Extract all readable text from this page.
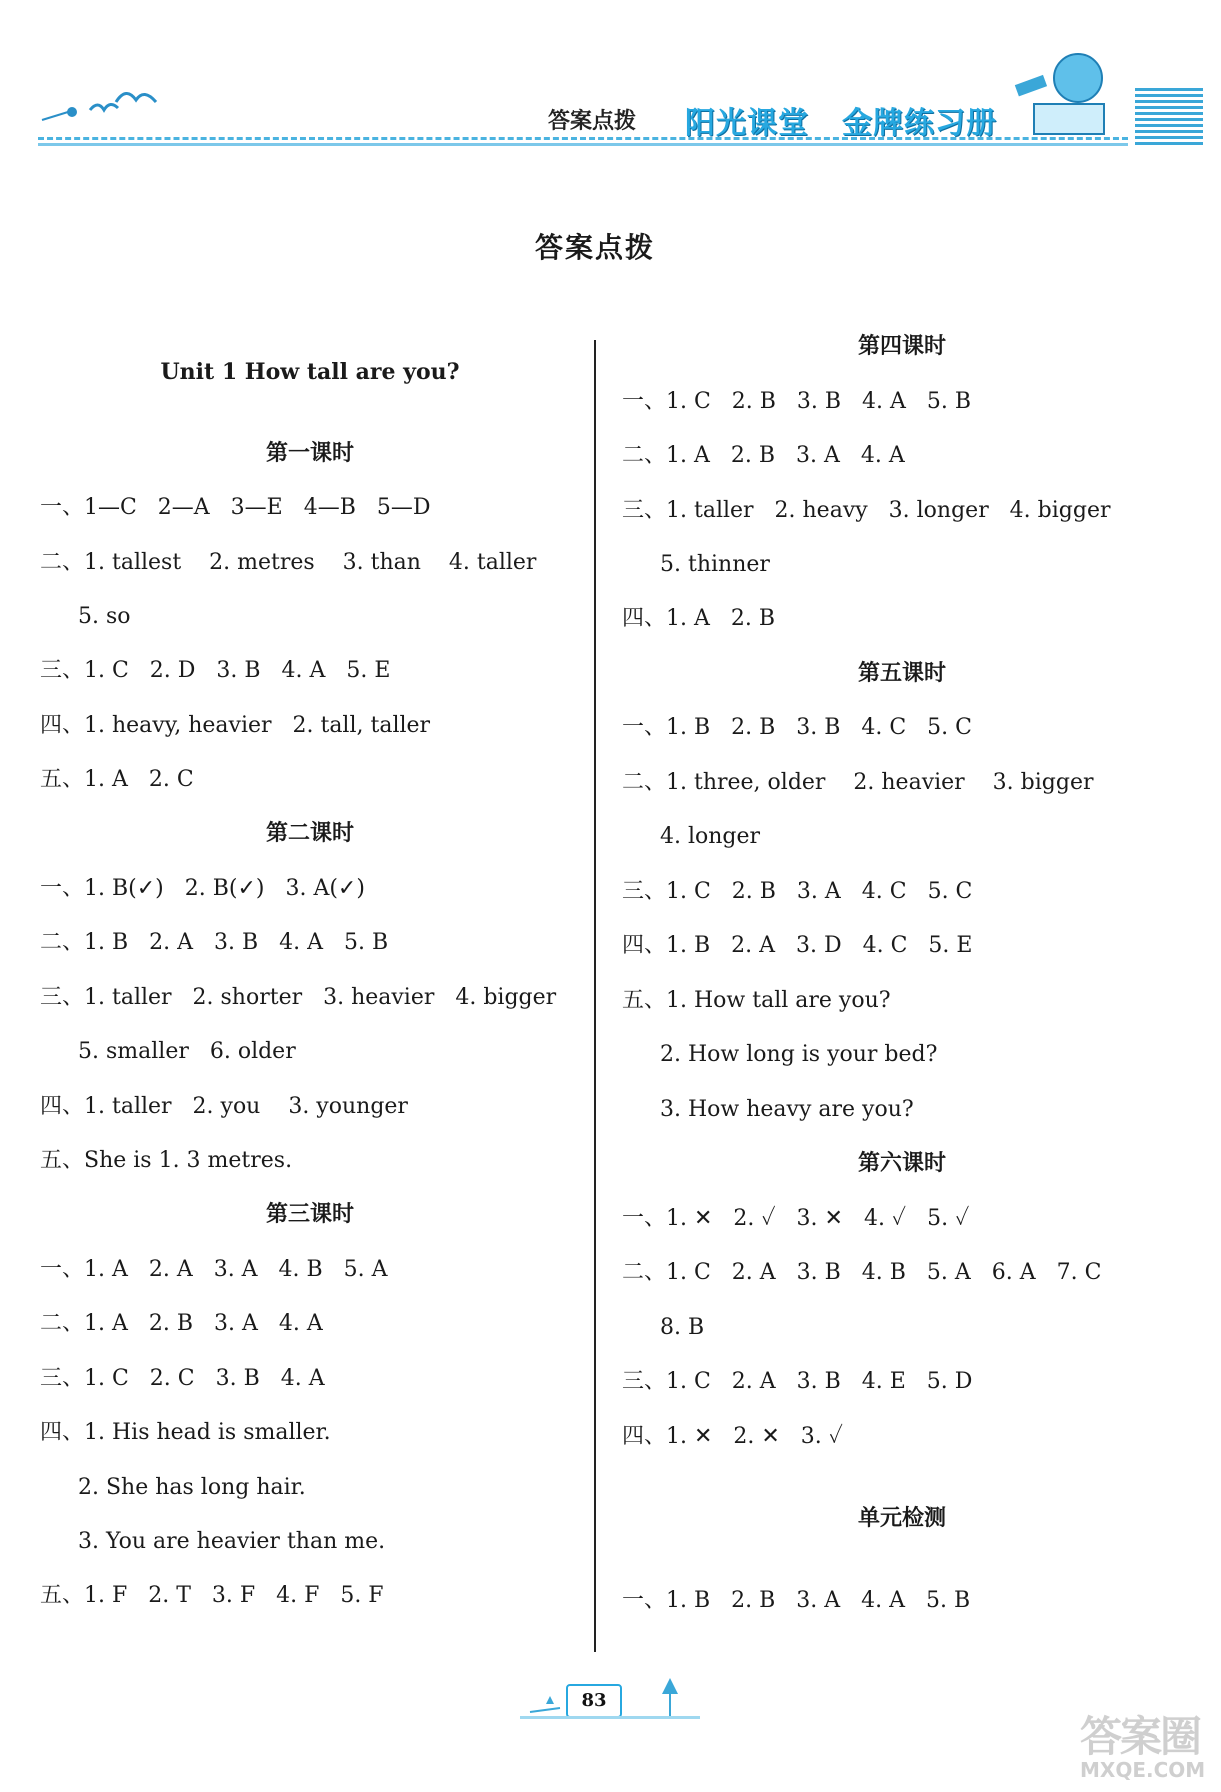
答案点拨 阳光课堂 金牌练习册
答案点拨
Unit 1 How tall are you?
第一课时
一、1—C   2—A   3—E   4—B   5—D
二、1. tallest    2. metres    3. than    4. taller
5. so
三、1. C   2. D   3. B   4. A   5. E
四、1. heavy, heavier   2. tall, taller
五、1. A   2. C
第二课时
一、1. B(✓)   2. B(✓)   3. A(✓)
二、1. B   2. A   3. B   4. A   5. B
三、1. taller   2. shorter   3. heavier   4. bigger
5. smaller   6. older
四、1. taller   2. you    3. younger
五、She is 1. 3 metres.
第三课时
一、1. A   2. A   3. A   4. B   5. A
二、1. A   2. B   3. A   4. A
三、1. C   2. C   3. B   4. A
四、1. His head is smaller.
2. She has long hair.
3. You are heavier than me.
五、1. F   2. T   3. F   4. F   5. F
第四课时
一、1. C   2. B   3. B   4. A   5. B
二、1. A   2. B   3. A   4. A
三、1. taller   2. heavy   3. longer   4. bigger
5. thinner
四、1. A   2. B
第五课时
一、1. B   2. B   3. B   4. C   5. C
二、1. three, older    2. heavier    3. bigger
4. longer
三、1. C   2. B   3. A   4. C   5. C
四、1. B   2. A   3. D   4. C   5. E
五、1. How tall are you?
2. How long is your bed?
3. How heavy are you?
第六课时
一、1. ✕   2. ✓   3. ✕   4. ✓   5. ✓
二、1. C   2. A   3. B   4. B   5. A   6. A   7. C
8. B
三、1. C   2. A   3. B   4. E   5. D
四、1. ✕   2. ✕   3. ✓
单元检测
一、1. B   2. B   3. A   4. A   5. B
83
答案圈
MXQE.COM
